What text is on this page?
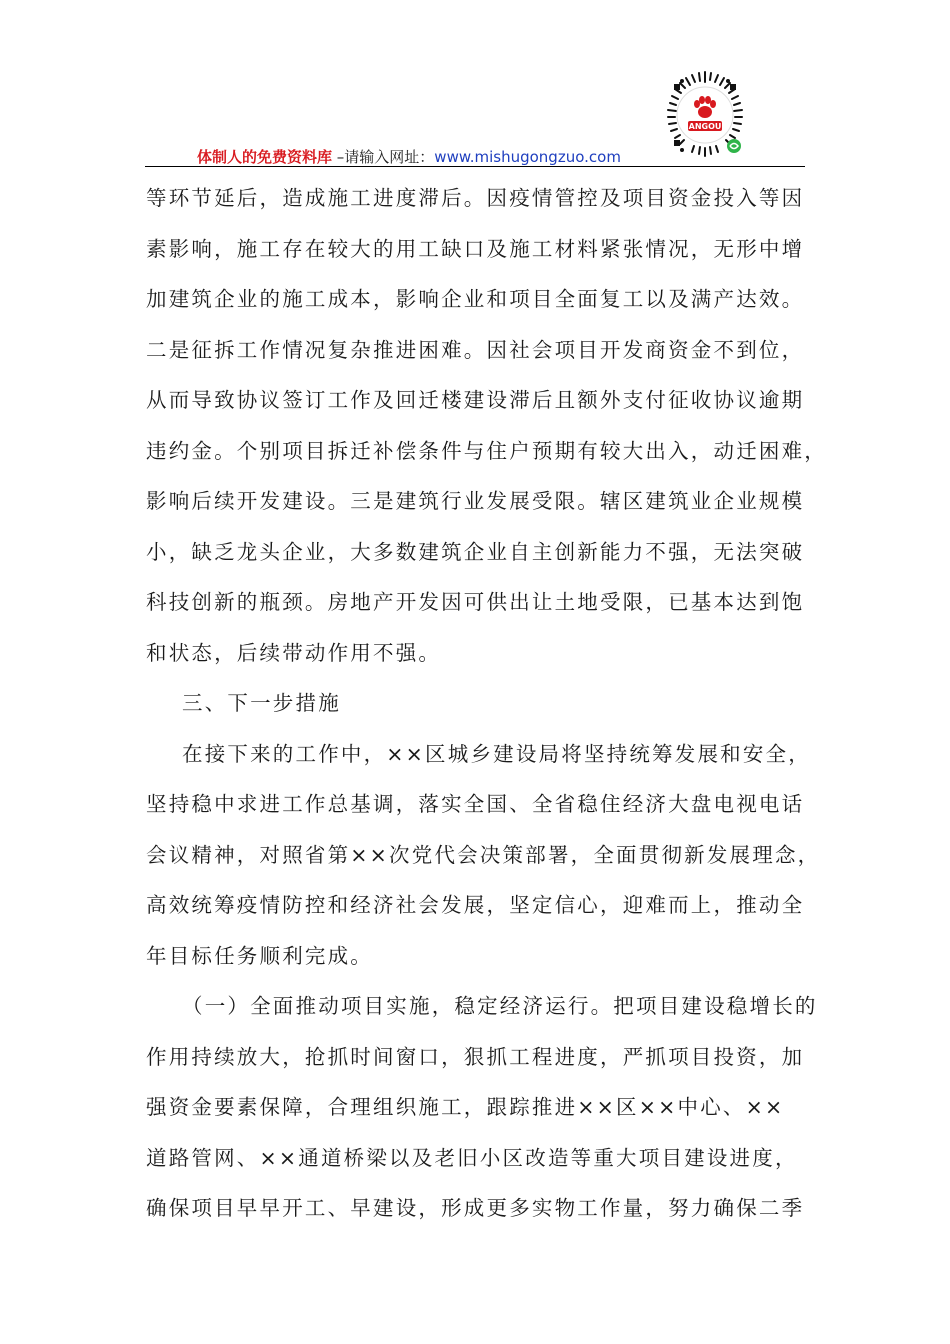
体制人的免费资料库 –请输入网址：www.mishugongzuo.com
ANGOU
等环节延后，造成施工进度滞后。因疫情管控及项目资金投入等因
素影响，施工存在较大的用工缺口及施工材料紧张情况，无形中增
加建筑企业的施工成本，影响企业和项目全面复工以及满产达效。
二是征拆工作情况复杂推进困难。因社会项目开发商资金不到位，
从而导致协议签订工作及回迁楼建设滞后且额外支付征收协议逾期
违约金。个别项目拆迁补偿条件与住户预期有较大出入，动迁困难，
影响后续开发建设。三是建筑行业发展受限。辖区建筑业企业规模
小，缺乏龙头企业，大多数建筑企业自主创新能力不强，无法突破
科技创新的瓶颈。房地产开发因可供出让土地受限，已基本达到饱
和状态，后续带动作用不强。
三、下一步措施
在接下来的工作中，××区城乡建设局将坚持统筹发展和安全，
坚持稳中求进工作总基调，落实全国、全省稳住经济大盘电视电话
会议精神，对照省第××次党代会决策部署，全面贯彻新发展理念，
高效统筹疫情防控和经济社会发展，坚定信心，迎难而上，推动全
年目标任务顺利完成。
（一）全面推动项目实施，稳定经济运行。把项目建设稳增长的
作用持续放大，抢抓时间窗口，狠抓工程进度，严抓项目投资，加
强资金要素保障，合理组织施工，跟踪推进××区××中心、××
道路管网、××通道桥梁以及老旧小区改造等重大项目建设进度，
确保项目早早开工、早建设，形成更多实物工作量，努力确保二季
